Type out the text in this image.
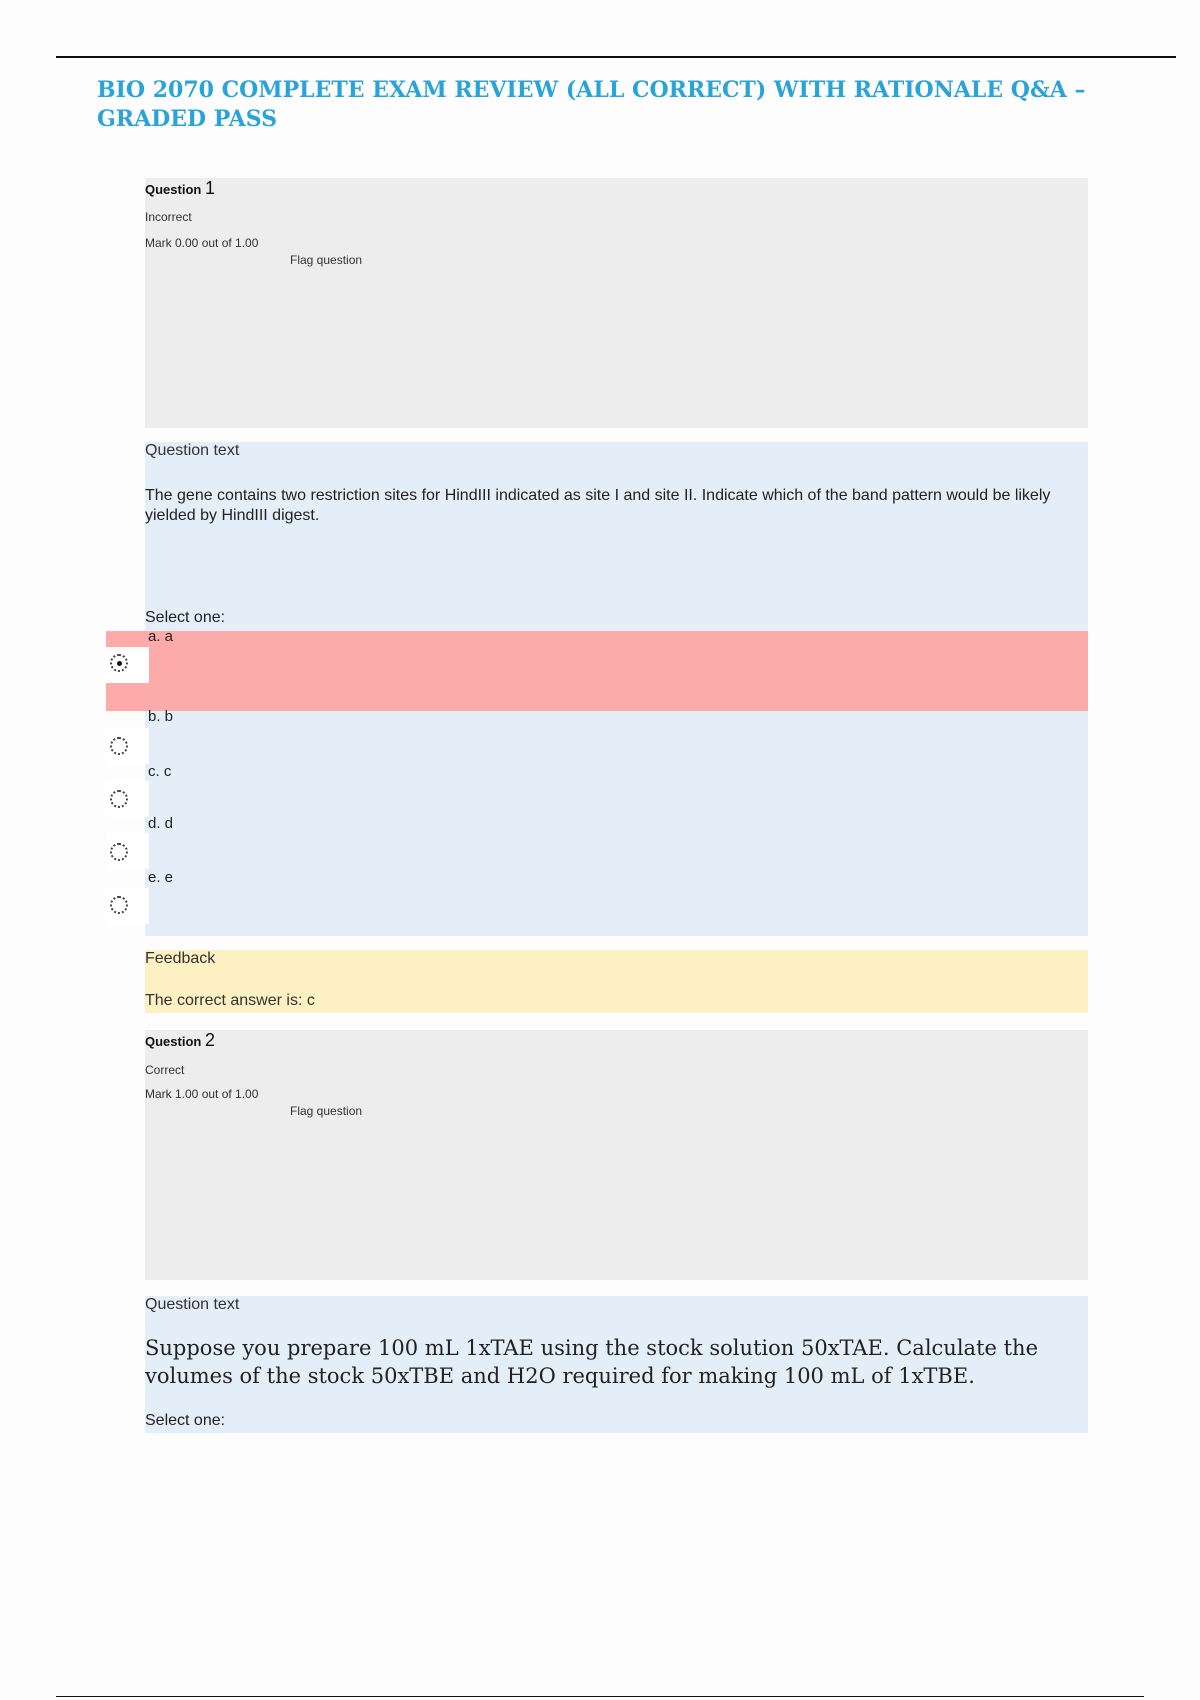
BIO 2070 COMPLETE EXAM REVIEW (ALL CORRECT) WITH RATIONALE Q&A – GRADED PASS
Question 1
Incorrect
Mark 0.00 out of 1.00
Flag question
Question text
The gene contains two restriction sites for HindIII indicated as site I and site II. Indicate which of the band pattern would be likely yielded by HindIII digest.
Select one:
a. a
b. b
c. c
d. d
e. e
Feedback
The correct answer is: c
Question 2
Correct
Mark 1.00 out of 1.00
Flag question
Question text
Suppose you prepare 100 mL 1xTAE using the stock solution 50xTAE. Calculate the volumes of the stock 50xTBE and H2O required for making 100 mL of 1xTBE.
Select one:
